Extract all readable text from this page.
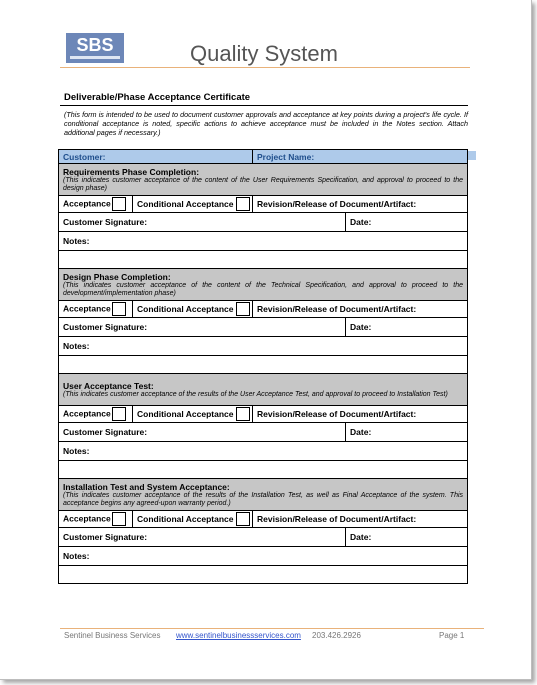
SBS	Quality System
Deliverable/Phase Acceptance Certificate
(This form is intended to be used to document customer approvals and acceptance at key points during a project's life cycle. If conditional acceptance is noted, specific actions to achieve acceptance must be included in the Notes section. Attach additional pages if necessary.)
Customer:		Project Name:	

Requirements Phase Completion:
(This indicates customer acceptance of the content of the User Requirements Specification, and approval to proceed to the design phase)			

Acceptance	Conditional Acceptance	Revision/Release of Document/Artifact:	
Customer Signature:			Date:
Notes:			

Design Phase Completion:
(This indicates customer acceptance of the content of the Technical Specification, and approval to proceed to the development/implementation phase)			

Acceptance	Conditional Acceptance	Revision/Release of Document/Artifact:	
Customer Signature:			Date:
Notes:			

User Acceptance Test:
(This indicates customer acceptance of the results of the User Acceptance Test, and approval to proceed to Installation Test)			

Acceptance	Conditional Acceptance	Revision/Release of Document/Artifact:	
Customer Signature:			Date:
Notes:			

Installation Test and System Acceptance:
(This indicates customer acceptance of the results of the Installation Test, as well as Final Acceptance of the system. This acceptance begins any agreed-upon warranty period.)			

Acceptance	Conditional Acceptance	Revision/Release of Document/Artifact:	
Customer Signature:			Date:
Notes:			

Sentinel Business Services www.sentinelbusinessservices.com 203.426.2926	Page 1
